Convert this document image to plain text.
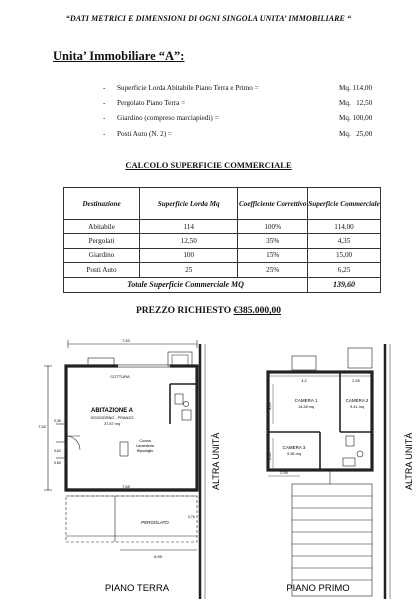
“DATI METRICI E DIMENSIONI DI OGNI SINGOLA UNITA’ IMMOBILIARE “
Unita’ Immobiliare “A”:
- Superficie Lorda Abitabile Piano Terra e Primo =	Mq. 114,00
- Pergolato Piano Terra =	Mq.   12,50
- Giardino (compreso marciapiedi) =	Mq. 100,00
- Posti Auto (N. 2) =	Mq.   25,00
CALCOLO SUPERFICIE COMMERCIALE
Destinazione	Superficie Lorda Mq	Coefficiente Correttivo	Superficie Commerciale
Abitabile	114	100%	114,00
Pergolati	12,50	35%	4,35
Giardino	100	15%	15,00
Posti Auto	25	25%	6,25
Totale Superficie Commerciale MQ			139,60
PREZZO RICHIESTO €385.000,00
7,40
7,65
7,52
0,36
0,62
0,80
6,95
0,76
COTTURA
ABITAZIONE A
SOGGIORNO - PRANZO
37.87 mq
Cucina
Lavanderia
Ripostiglio
PERGOLATO
ALTRA UNITÀ
PIANO TERRA
4,2	2,55
3,25
2,55
2,55
CAMERA 1
14.28 mq
CAMERA 2
9.41 mq
CAMERA 3
9.36 mq	ALTRA UNITÀ
PIANO PRIMO
